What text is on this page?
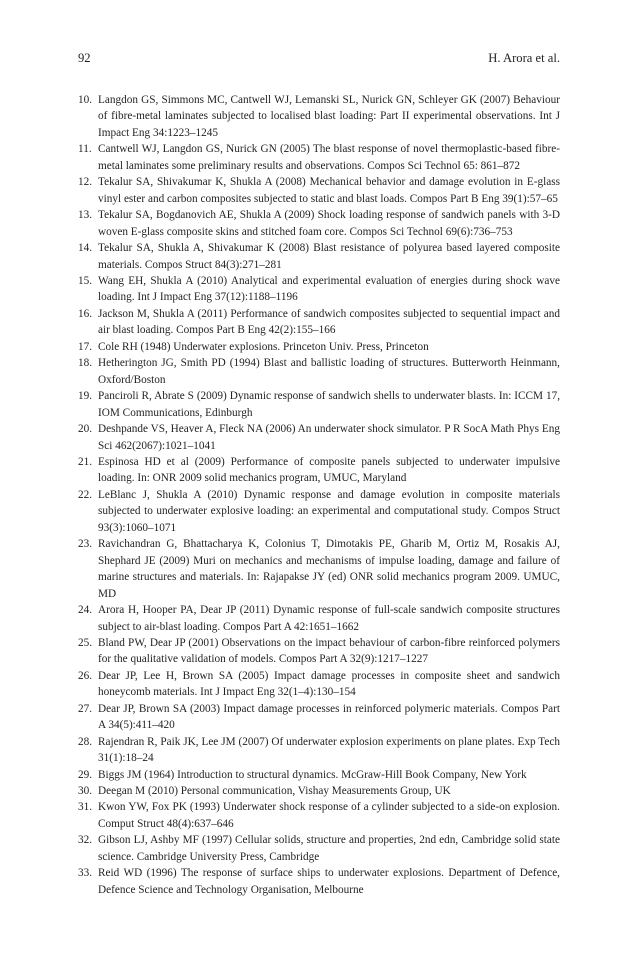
92	H. Arora et al.
10. Langdon GS, Simmons MC, Cantwell WJ, Lemanski SL, Nurick GN, Schleyer GK (2007) Behaviour of fibre-metal laminates subjected to localised blast loading: Part II experimental observations. Int J Impact Eng 34:1223–1245
11. Cantwell WJ, Langdon GS, Nurick GN (2005) The blast response of novel thermoplastic-based fibre-metal laminates some preliminary results and observations. Compos Sci Technol 65: 861–872
12. Tekalur SA, Shivakumar K, Shukla A (2008) Mechanical behavior and damage evolution in E-glass vinyl ester and carbon composites subjected to static and blast loads. Compos Part B Eng 39(1):57–65
13. Tekalur SA, Bogdanovich AE, Shukla A (2009) Shock loading response of sandwich panels with 3-D woven E-glass composite skins and stitched foam core. Compos Sci Technol 69(6):736–753
14. Tekalur SA, Shukla A, Shivakumar K (2008) Blast resistance of polyurea based layered composite materials. Compos Struct 84(3):271–281
15. Wang EH, Shukla A (2010) Analytical and experimental evaluation of energies during shock wave loading. Int J Impact Eng 37(12):1188–1196
16. Jackson M, Shukla A (2011) Performance of sandwich composites subjected to sequential impact and air blast loading. Compos Part B Eng 42(2):155–166
17. Cole RH (1948) Underwater explosions. Princeton Univ. Press, Princeton
18. Hetherington JG, Smith PD (1994) Blast and ballistic loading of structures. Butterworth Heinmann, Oxford/Boston
19. Panciroli R, Abrate S (2009) Dynamic response of sandwich shells to underwater blasts. In: ICCM 17, IOM Communications, Edinburgh
20. Deshpande VS, Heaver A, Fleck NA (2006) An underwater shock simulator. P R SocA Math Phys Eng Sci 462(2067):1021–1041
21. Espinosa HD et al (2009) Performance of composite panels subjected to underwater impulsive loading. In: ONR 2009 solid mechanics program, UMUC, Maryland
22. LeBlanc J, Shukla A (2010) Dynamic response and damage evolution in composite materials subjected to underwater explosive loading: an experimental and computational study. Compos Struct 93(3):1060–1071
23. Ravichandran G, Bhattacharya K, Colonius T, Dimotakis PE, Gharib M, Ortiz M, Rosakis AJ, Shephard JE (2009) Muri on mechanics and mechanisms of impulse loading, damage and failure of marine structures and materials. In: Rajapakse JY (ed) ONR solid mechanics program 2009. UMUC, MD
24. Arora H, Hooper PA, Dear JP (2011) Dynamic response of full-scale sandwich composite structures subject to air-blast loading. Compos Part A 42:1651–1662
25. Bland PW, Dear JP (2001) Observations on the impact behaviour of carbon-fibre reinforced polymers for the qualitative validation of models. Compos Part A 32(9):1217–1227
26. Dear JP, Lee H, Brown SA (2005) Impact damage processes in composite sheet and sandwich honeycomb materials. Int J Impact Eng 32(1–4):130–154
27. Dear JP, Brown SA (2003) Impact damage processes in reinforced polymeric materials. Compos Part A 34(5):411–420
28. Rajendran R, Paik JK, Lee JM (2007) Of underwater explosion experiments on plane plates. Exp Tech 31(1):18–24
29. Biggs JM (1964) Introduction to structural dynamics. McGraw-Hill Book Company, New York
30. Deegan M (2010) Personal communication, Vishay Measurements Group, UK
31. Kwon YW, Fox PK (1993) Underwater shock response of a cylinder subjected to a side-on explosion. Comput Struct 48(4):637–646
32. Gibson LJ, Ashby MF (1997) Cellular solids, structure and properties, 2nd edn, Cambridge solid state science. Cambridge University Press, Cambridge
33. Reid WD (1996) The response of surface ships to underwater explosions. Department of Defence, Defence Science and Technology Organisation, Melbourne
